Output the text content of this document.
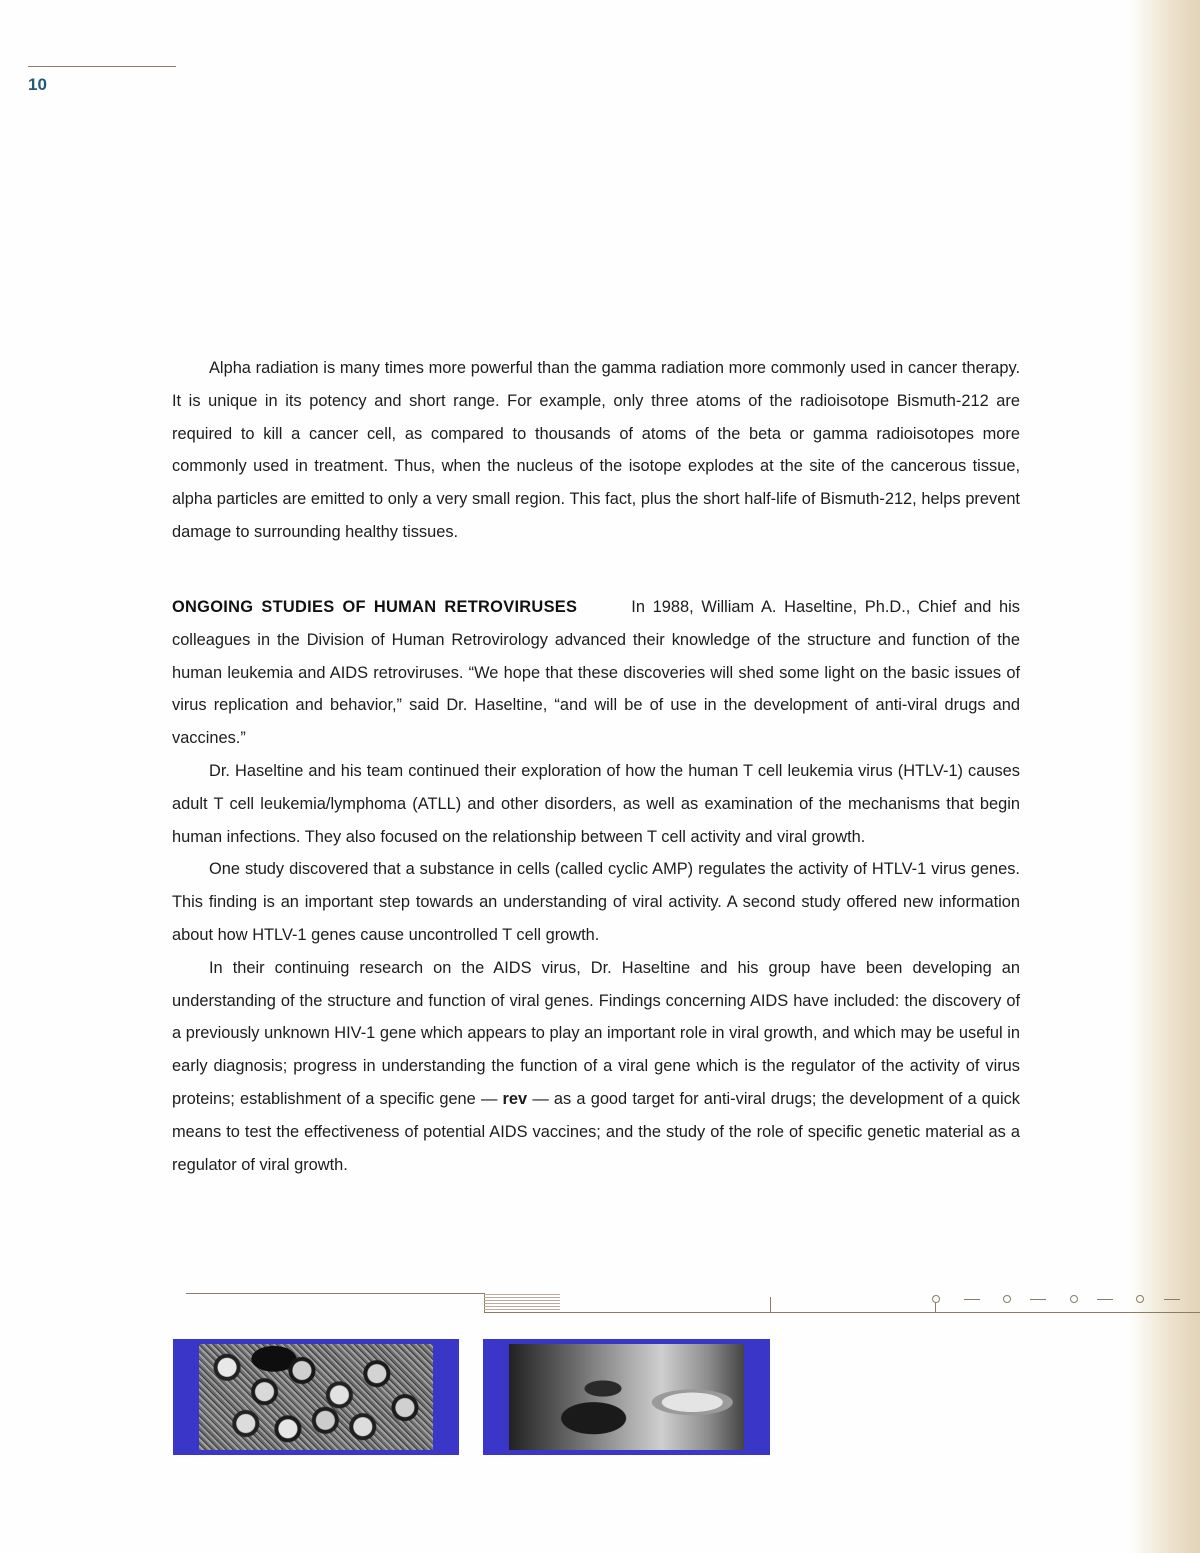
10

Alpha radiation is many times more powerful than the gamma radiation more commonly used in cancer therapy. It is unique in its potency and short range. For example, only three atoms of the radioisotope Bismuth-212 are required to kill a cancer cell, as compared to thousands of atoms of the beta or gamma radioisotopes more commonly used in treatment. Thus, when the nucleus of the isotope explodes at the site of the cancerous tissue, alpha particles are emitted to only a very small region. This fact, plus the short half-life of Bismuth-212, helps prevent damage to surrounding healthy tissues.

ONGOING STUDIES OF HUMAN RETROVIRUSES	In 1988, William A. Haseltine, Ph.D., Chief and his colleagues in the Division of Human Retrovirology advanced their knowledge of the structure and function of the human leukemia and AIDS retroviruses. “We hope that these discoveries will shed some light on the basic issues of virus replication and behavior,” said Dr. Haseltine, “and will be of use in the development of anti-viral drugs and vaccines.”

Dr. Haseltine and his team continued their exploration of how the human T cell leukemia virus (HTLV-1) causes adult T cell leukemia/lymphoma (ATLL) and other disorders, as well as examination of the mechanisms that begin human infections. They also focused on the relationship between T cell activity and viral growth.

One study discovered that a substance in cells (called cyclic AMP) regulates the activity of HTLV-1 virus genes. This finding is an important step towards an understanding of viral activity. A second study offered new information about how HTLV-1 genes cause uncontrolled T cell growth.

In their continuing research on the AIDS virus, Dr. Haseltine and his group have been developing an understanding of the structure and function of viral genes. Findings concerning AIDS have included: the discovery of a previously unknown HIV-1 gene which appears to play an important role in viral growth, and which may be useful in early diagnosis; progress in understanding the function of a viral gene which is the regulator of the activity of virus proteins; establishment of a specific gene — rev — as a good target for anti-viral drugs; the development of a quick means to test the effectiveness of potential AIDS vaccines; and the study of the role of specific genetic material as a regulator of viral growth.
